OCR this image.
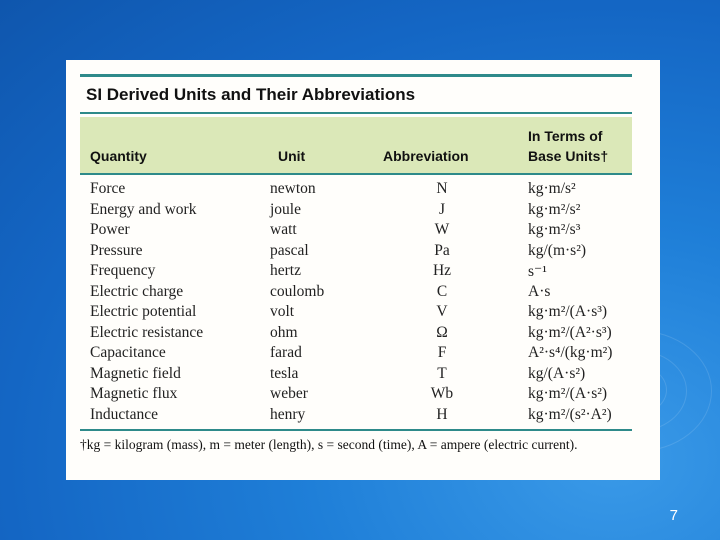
SI Derived Units and Their Abbreviations
Quantity	Unit	Abbreviation
In Terms of
Base Units†
Force	newton	N	kg·m/s²
Energy and work	joule	J	kg·m²/s²
Power	watt	W	kg·m²/s³
Pressure	pascal	Pa	kg/(m·s²)
Frequency	hertz	Hz	s⁻¹
Electric charge	coulomb	C	A·s
Electric potential	volt	V	kg·m²/(A·s³)
Electric resistance	ohm	Ω	kg·m²/(A²·s³)
Capacitance	farad	F	A²·s⁴/(kg·m²)
Magnetic field	tesla	T	kg/(A·s²)
Magnetic flux	weber	Wb	kg·m²/(A·s²)
Inductance	henry	H	kg·m²/(s²·A²)
†kg = kilogram (mass), m = meter (length), s = second (time), A = ampere (electric current).
7
